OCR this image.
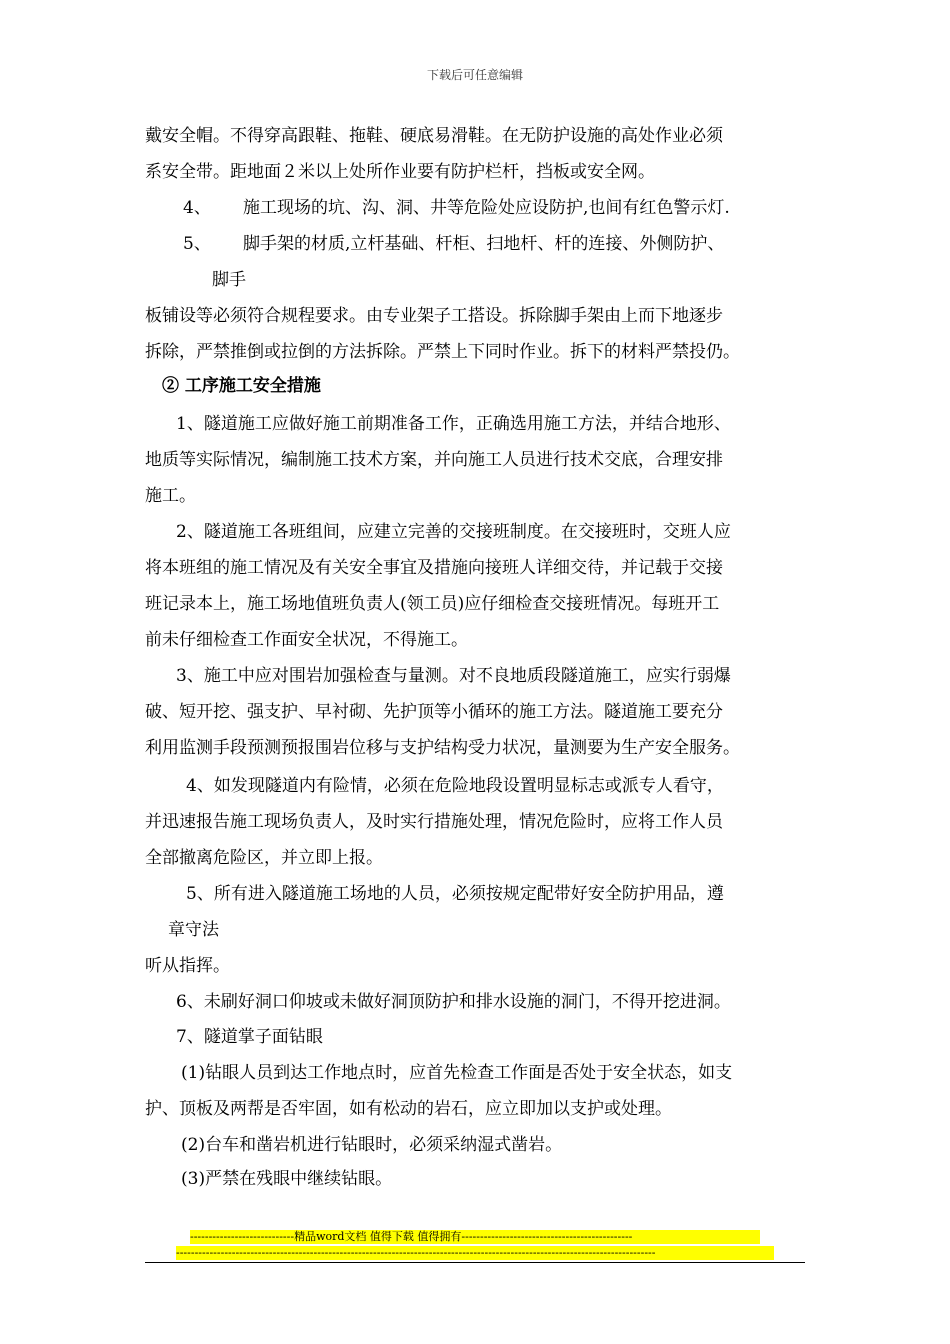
下载后可任意编辑
戴安全帽。不得穿高跟鞋、拖鞋、硬底易滑鞋。在无防护设施的高处作业必须
系安全带。距地面２米以上处所作业要有防护栏杆，挡板或安全网。
4、 施工现场的坑、沟、洞、井等危险处应设防护,也间有红色警示灯.
5、 脚手架的材质,立杆基础、杆柜、扫地杆、杆的连接、外侧防护、
脚手
板铺设等必须符合规程要求。由专业架子工搭设。拆除脚手架由上而下地逐步
拆除，严禁推倒或拉倒的方法拆除。严禁上下同时作业。拆下的材料严禁投仍。
② 工序施工安全措施
1、隧道施工应做好施工前期准备工作，正确选用施工方法，并结合地形、
地质等实际情况，编制施工技术方案，并向施工人员进行技术交底，合理安排
施工。
2、隧道施工各班组间，应建立完善的交接班制度。在交接班时，交班人应
将本班组的施工情况及有关安全事宜及措施向接班人详细交待，并记载于交接
班记录本上，施工场地值班负责人(领工员)应仔细检查交接班情况。每班开工
前未仔细检查工作面安全状况，不得施工。
3、施工中应对围岩加强检查与量测。对不良地质段隧道施工，应实行弱爆
破、短开挖、强支护、早衬砌、先护顶等小循环的施工方法。隧道施工要充分
利用监测手段预测预报围岩位移与支护结构受力状况，量测要为生产安全服务。
4、如发现隧道内有险情，必须在危险地段设置明显标志或派专人看守，
并迅速报告施工现场负责人，及时实行措施处理，情况危险时，应将工作人员
全部撤离危险区，并立即上报。
5、所有进入隧道施工场地的人员，必须按规定配带好安全防护用品，遵
章守法
听从指挥。
6、未刷好洞口仰坡或未做好洞顶防护和排水设施的洞门，不得开挖进洞。
7、隧道掌子面钻眼
(1)钻眼人员到达工作地点时，应首先检查工作面是否处于安全状态，如支
护、顶板及两帮是否牢固，如有松动的岩石，应立即加以支护或处理。
(2)台车和凿岩机进行钻眼时，必须采纳湿式凿岩。
(3)严禁在残眼中继续钻眼。
----------------------------精品word文档 值得下载 值得拥有----------------------------------------------
---------------------------------------------------------------------------------------------------------------------------------
